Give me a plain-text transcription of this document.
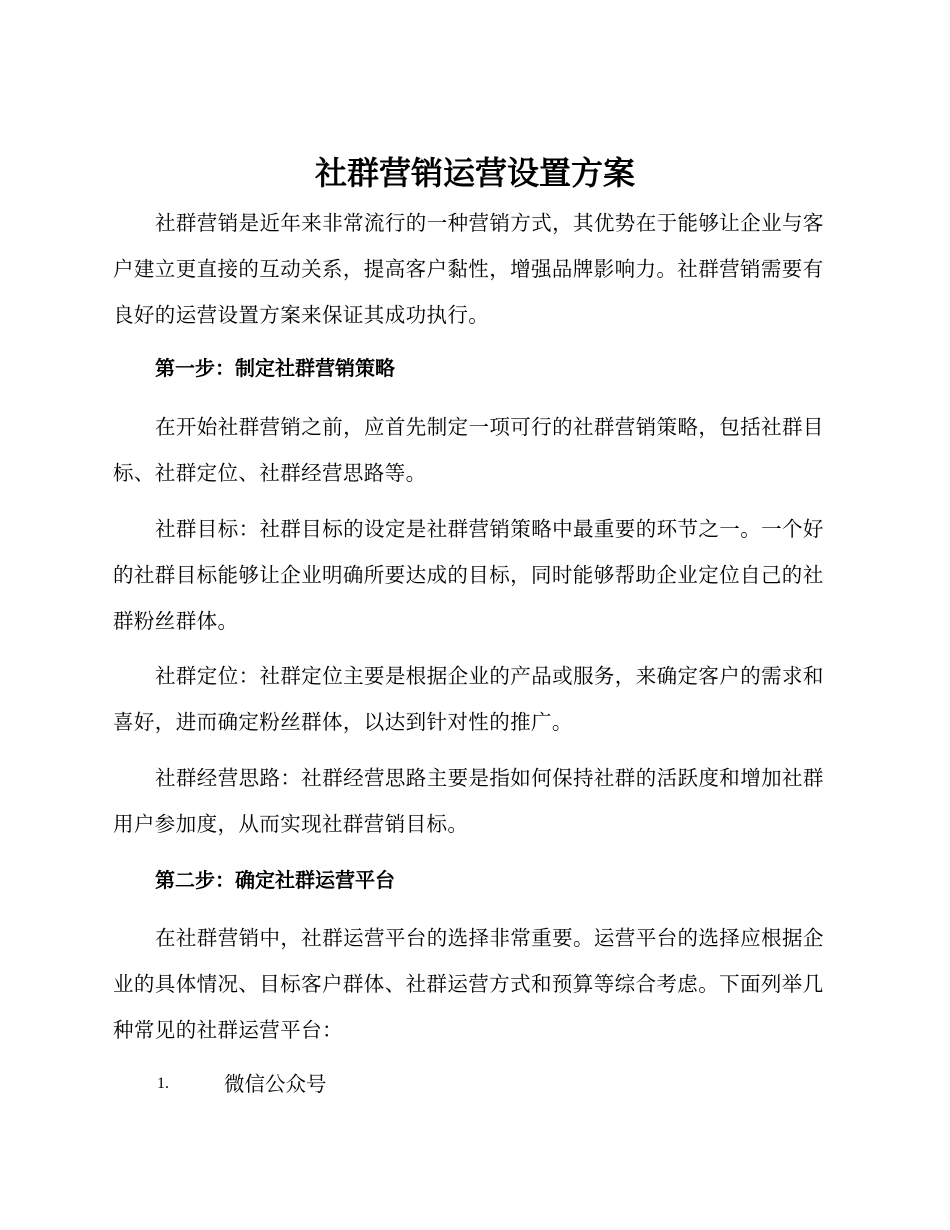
社群营销运营设置方案

社群营销是近年来非常流行的一种营销方式，其优势在于能够让企业与客户建立更直接的互动关系，提高客户黏性，增强品牌影响力。社群营销需要有良好的运营设置方案来保证其成功执行。

第一步：制定社群营销策略

在开始社群营销之前，应首先制定一项可行的社群营销策略，包括社群目标、社群定位、社群经营思路等。

社群目标：社群目标的设定是社群营销策略中最重要的环节之一。一个好的社群目标能够让企业明确所要达成的目标，同时能够帮助企业定位自己的社群粉丝群体。

社群定位：社群定位主要是根据企业的产品或服务，来确定客户的需求和喜好，进而确定粉丝群体，以达到针对性的推广。

社群经营思路：社群经营思路主要是指如何保持社群的活跃度和增加社群用户参加度，从而实现社群营销目标。

第二步：确定社群运营平台

在社群营销中，社群运营平台的选择非常重要。运营平台的选择应根据企业的具体情况、目标客户群体、社群运营方式和预算等综合考虑。下面列举几种常见的社群运营平台：

1.	微信公众号
